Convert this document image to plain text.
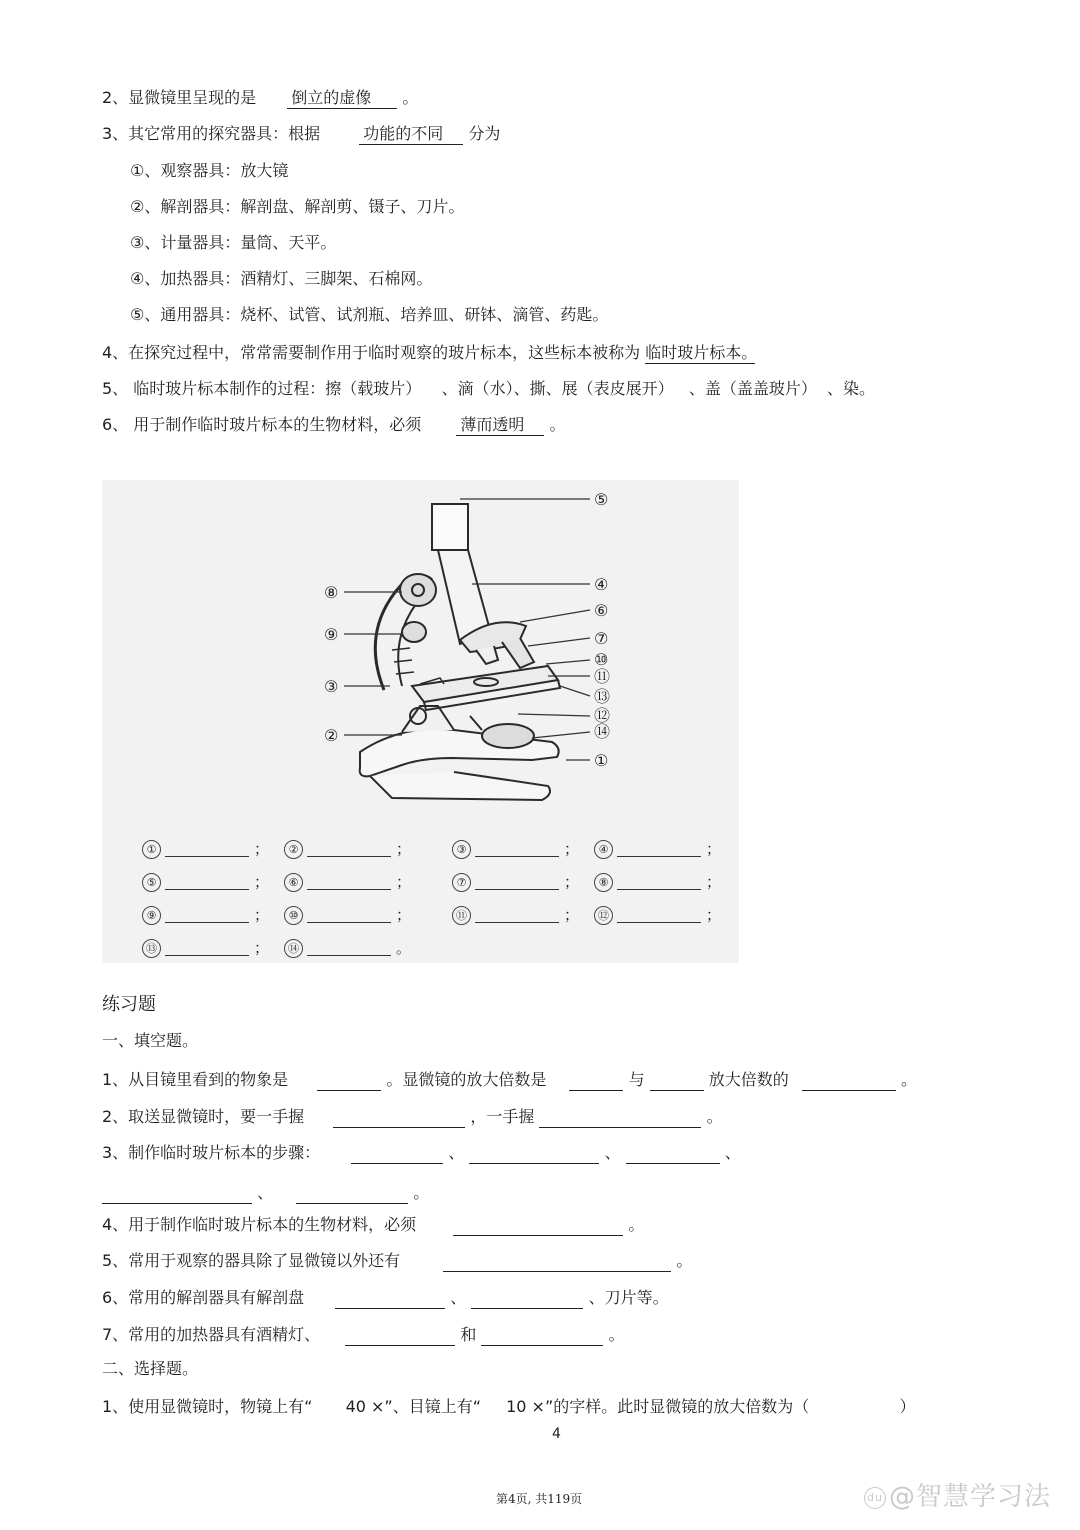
2、显微镜里呈现的是 倒立的虚像 。
3、其它常用的探究器具：根据	功能的不同 分为
①、观察器具：放大镜
②、解剖器具：解剖盘、解剖剪、镊子、刀片。
③、计量器具：量筒、天平。
④、加热器具：酒精灯、三脚架、石棉网。
⑤、通用器具：烧杯、试管、试剂瓶、培养皿、研钵、滴管、药匙。
4、在探究过程中，常常需要制作用于临时观察的玻片标本，这些标本被称为 临时玻片标本。
5、 临时玻片标本制作的过程：擦（载玻片）    、滴（水）、撕、展（表皮展开）   、盖（盖盖玻片）  、染。
6、 用于制作临时玻片标本的生物材料，必须 薄而透明 。
⑤
④
⑥
⑦
⑩
⑪
⑬
⑫
⑭
①
⑧
⑨
③
②
①	；	②	；	③	；	④	；
⑤	；	⑥	；	⑦	；	⑧	；
⑨	；	⑩	；	⑪	；	⑫	；
⑬	；	⑭	。
练习题
一、填空题。
1、从目镜里看到的物象是	。显微镜的放大倍数是	与	放大倍数的	。
2、取送显微镜时，要一手握	，一手握	。
3、制作临时玻片标本的步骤：	、	、	、
、	。
4、用于制作临时玻片标本的生物材料，必须	。
5、常用于观察的器具除了显微镜以外还有	。
6、常用的解剖器具有解剖盘	、	、刀片等。
7、常用的加热器具有酒精灯、	和	。
二、选择题。
1、使用显微镜时，物镜上有“ 40 ×”、目镜上有“ 10 ×”的字样。此时显微镜的放大倍数为（	）
4
第4页, 共119页	du @智慧学习法
